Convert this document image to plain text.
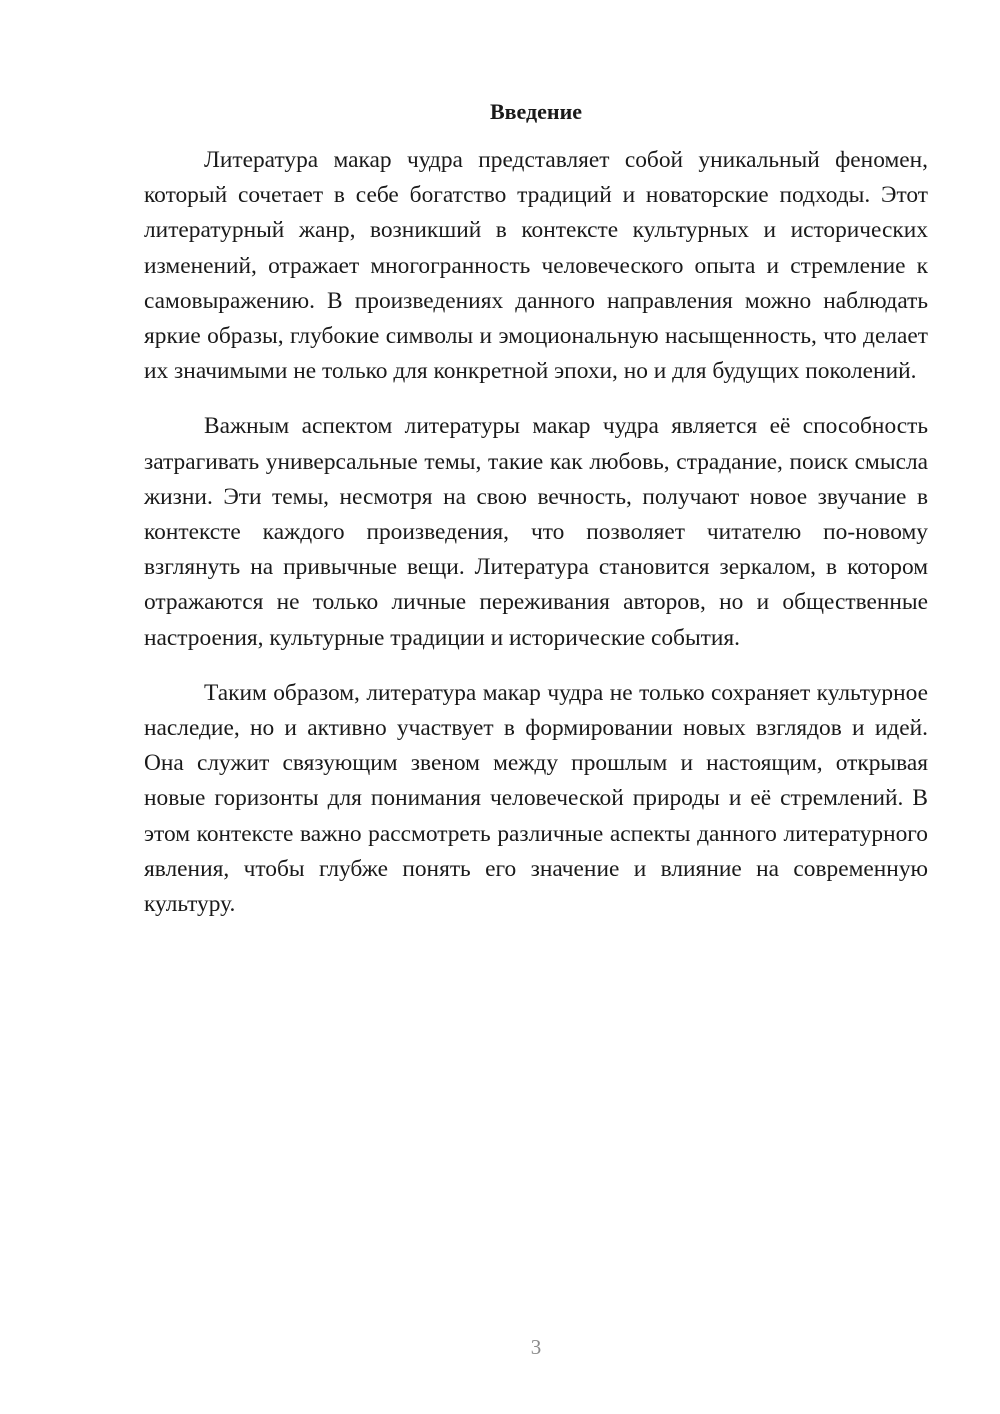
Введение

Литература макар чудра представляет собой уникальный феномен, который сочетает в себе богатство традиций и новаторские подходы. Этот литературный жанр, возникший в контексте культурных и исторических изменений, отражает многогранность человеческого опыта и стремление к самовыражению. В произведениях данного направления можно наблюдать яркие образы, глубокие символы и эмоциональную насыщенность, что делает их значимыми не только для конкретной эпохи, но и для будущих поколений.

Важным аспектом литературы макар чудра является её способность затрагивать универсальные темы, такие как любовь, страдание, поиск смысла жизни. Эти темы, несмотря на свою вечность, получают новое звучание в контексте каждого произведения, что позволяет читателю по-новому взглянуть на привычные вещи. Литература становится зеркалом, в котором отражаются не только личные переживания авторов, но и общественные настроения, культурные традиции и исторические события.

Таким образом, литература макар чудра не только сохраняет культурное наследие, но и активно участвует в формировании новых взглядов и идей. Она служит связующим звеном между прошлым и настоящим, открывая новые горизонты для понимания человеческой природы и её стремлений. В этом контексте важно рассмотреть различные аспекты данного литературного явления, чтобы глубже понять его значение и влияние на современную культуру.

3
